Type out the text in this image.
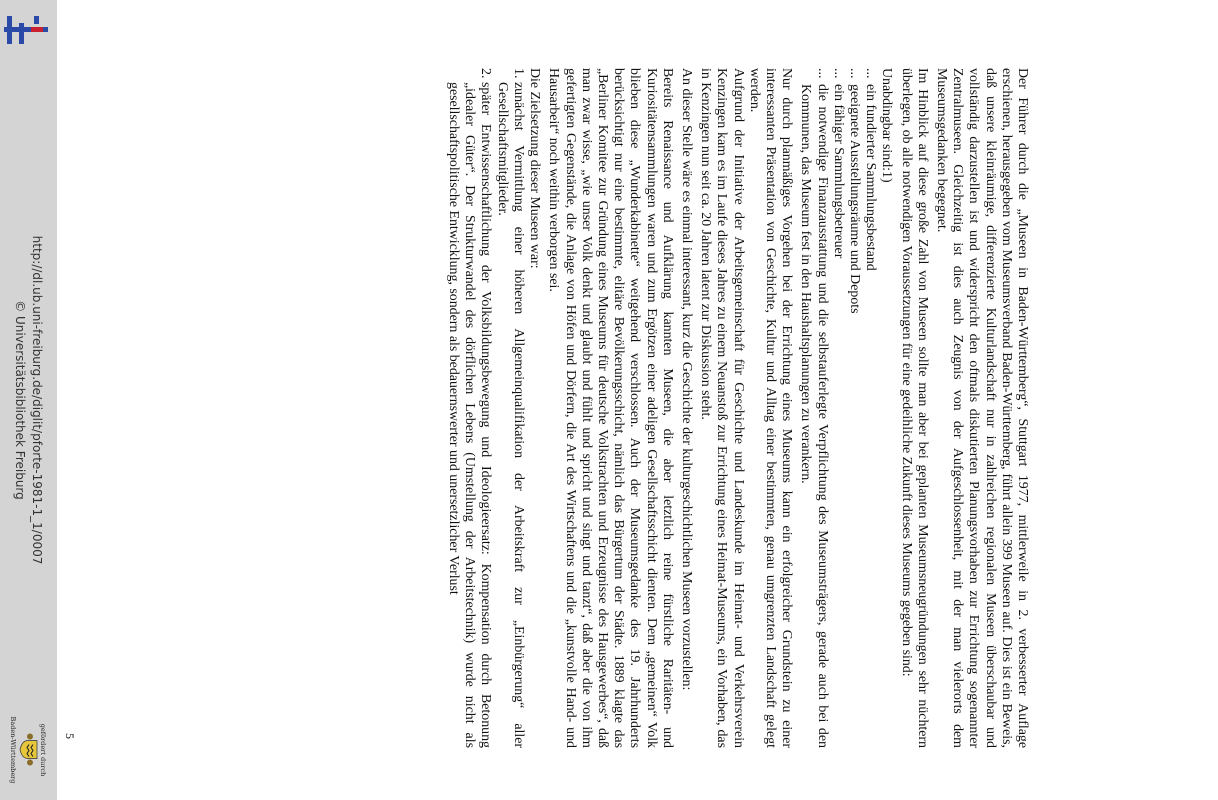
http://dl.ub.uni-freiburg.de/diglit/pforte-1981-1_1/0007
© Universitätsbibliothek Freiburg
gefördert durch
Baden-Württemberg

Der Führer durch die „Museen in Baden-Württemberg“, Stuttgart 1977, mittlerweile in 2. verbesserter Auflage erschienen, herausgegeben vom Museumsverband Baden-Württemberg, führt allein 399 Museen auf. Dies ist ein Beweis, daß unsere kleinräumige, differenzierte Kulturlandschaft nur in zahlreichen regionalen Museen überschaubar und vollständig darzustellen ist und widerspricht den oftmals diskutierten Planungsvorhaben zur Errichtung sogenannter Zentralmuseen. Gleichzeitig ist dies auch Zeugnis von der Aufgeschlossenheit, mit der man vielerorts dem Museumsgedanken begegnet.

Im Hinblick auf diese große Zahl von Museen sollte man aber bei geplanten Museumsneugründungen sehr nüchtern überlegen, ob alle notwendigen Voraussetzungen für eine gedeihliche Zukunft dieses Museums gegeben sind:

Unabdingbar sind:1)

...
ein fundierter Sammlungsbestand
...
geeignete Ausstellungsräume und Depots
...
ein fähiger Sammlungsbetreuer
...
die notwendige Finanzausstattung und die selbstauferlegte Verpflichtung des Museumsträgers, gerade auch bei den Kommunen, das Museum fest in den Haushaltsplanungen zu verankern.

Nur durch planmäßiges Vorgehen bei der Errichtung eines Museums kann ein erfolgreicher Grundstein zu einer interessanten Präsentation von Geschichte, Kultur und Alltag einer bestimmten, genau umgrenzten Landschaft gelegt werden.

Aufgrund der Initiative der Arbeitsgemeinschaft für Geschichte und Landeskunde im Heimat- und Verkehrsverein Kenzingen kam es im Laufe dieses Jahres zu einem Neuanstoß zur Errichtung eines Heimat-Museums, ein Vorhaben, das in Kenzingen nun seit ca. 20 Jahren latent zur Diskussion steht.

An dieser Stelle wäre es einmal interessant, kurz die Geschichte der kulturgeschichtlichen Museen vorzustellen:

Bereits Renaissance und Aufklärung kannten Museen, die aber letztlich reine fürstliche Raritäten- und Kuriositätensammlungen waren und zum Ergötzen einer adeligen Gesellschaftsschicht dienten. Dem „gemeinen“ Volk blieben diese „Wunderkabinette“ weitgehend verschlossen. Auch der Museumsgedanke des 19. Jahrhunderts berücksichtigt nur eine bestimmte, elitäre Bevölkerungsschicht, nämlich das Bürgertum der Städte. 1889 klagte das „Berliner Komitee zur Gründung eines Museums für deutsche Volkstrachten und Erzeugnisse des Hausgewerbes“, daß man zwar wisse, „wie unser Volk denkt und glaubt und fühlt und spricht und singt und tanzt“, daß aber die von ihm gefertigten Gegenstände, die Anlage von Höfen und Dörfern, die Art des Wirtschaftens und die „kunstvolle Hand- und Hausarbeit“ noch weithin verborgen sei.

Die Zielsetzung dieser Museen war:

1.
zunächst Vermittlung einer höheren Allgemeinqualifikation der Arbeitskraft zur „Einbürgerung“ aller Gesellschaftsmitglieder.
2.
später Entwissenschaftlichung der Volksbildungsbewegung und Ideologieersatz: Kompensation durch Betonung „idealer Güter“. Der Strukturwandel des dörflichen Lebens (Umstellung der Arbeitstechnik) wurde nicht als gesellschaftspolitische Entwicklung, sondern als bedauernswerter und unersetzlicher Verlust
5
